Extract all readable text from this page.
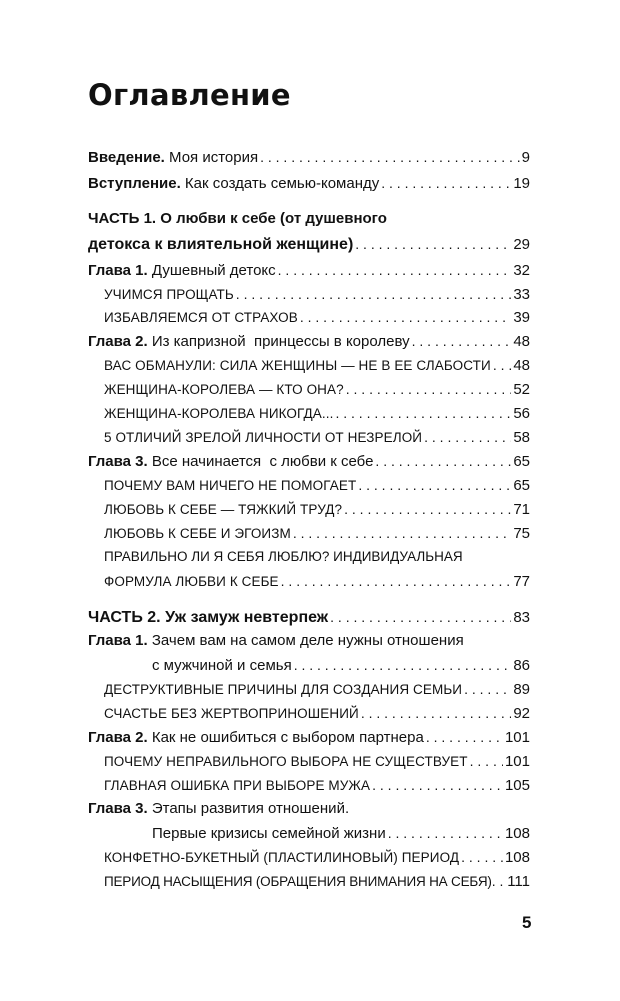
Оглавление
Введение. Моя история . . .	9
Вступление. Как создать семью-команду . . .	19
ЧАСТЬ 1. О любви к себе (от душевного
детокса к влиятельной женщине) . . .	29
Глава 1. Душевный детокс . . .	32
УЧИМСЯ ПРОЩАТЬ . . .	33
ИЗБАВЛЯЕМСЯ ОТ СТРАХОВ . . .	39
Глава 2. Из капризной  принцессы в королеву . . .	48
ВАС ОБМАНУЛИ: СИЛА ЖЕНЩИНЫ — НЕ В ЕЕ СЛАБОСТИ . . . 48
ЖЕНЩИНА-КОРОЛЕВА — КТО ОНА? . . .	52
ЖЕНЩИНА-КОРОЛЕВА НИКОГДА... . . .	56
5 ОТЛИЧИЙ ЗРЕЛОЙ ЛИЧНОСТИ ОТ НЕЗРЕЛОЙ . . .	58
Глава 3. Все начинается  с любви к себе . . .	65
ПОЧЕМУ ВАМ НИЧЕГО НЕ ПОМОГАЕТ . . .	65
ЛЮБОВЬ К СЕБЕ — ТЯЖКИЙ ТРУД? . . .	71
ЛЮБОВЬ К СЕБЕ И ЭГОИЗМ . . .	75
ПРАВИЛЬНО ЛИ Я СЕБЯ ЛЮБЛЮ? ИНДИВИДУАЛЬНАЯ
ФОРМУЛА ЛЮБВИ К СЕБЕ . . .	77
ЧАСТЬ 2. Уж замуж невтерпеж . . .	83
Глава 1. Зачем вам на самом деле нужны отношения
с мужчиной и семья . . .	86
ДЕСТРУКТИВНЫЕ ПРИЧИНЫ ДЛЯ СОЗДАНИЯ СЕМЬИ . . .	89
СЧАСТЬЕ БЕЗ ЖЕРТВОПРИНОШЕНИЙ . . .	92
Глава 2. Как не ошибиться с выбором партнера . . .	101
ПОЧЕМУ НЕПРАВИЛЬНОГО ВЫБОРА НЕ СУЩЕСТВУЕТ . . . 101
ГЛАВНАЯ ОШИБКА ПРИ ВЫБОРЕ МУЖА . . .	105
Глава 3. Этапы развития отношений.
Первые кризисы семейной жизни . . .	108
КОНФЕТНО-БУКЕТНЫЙ (ПЛАСТИЛИНОВЫЙ) ПЕРИОД . . .	108
ПЕРИОД НАСЫЩЕНИЯ (ОБРАЩЕНИЯ ВНИМАНИЯ НА СЕБЯ) . . . 111
5
